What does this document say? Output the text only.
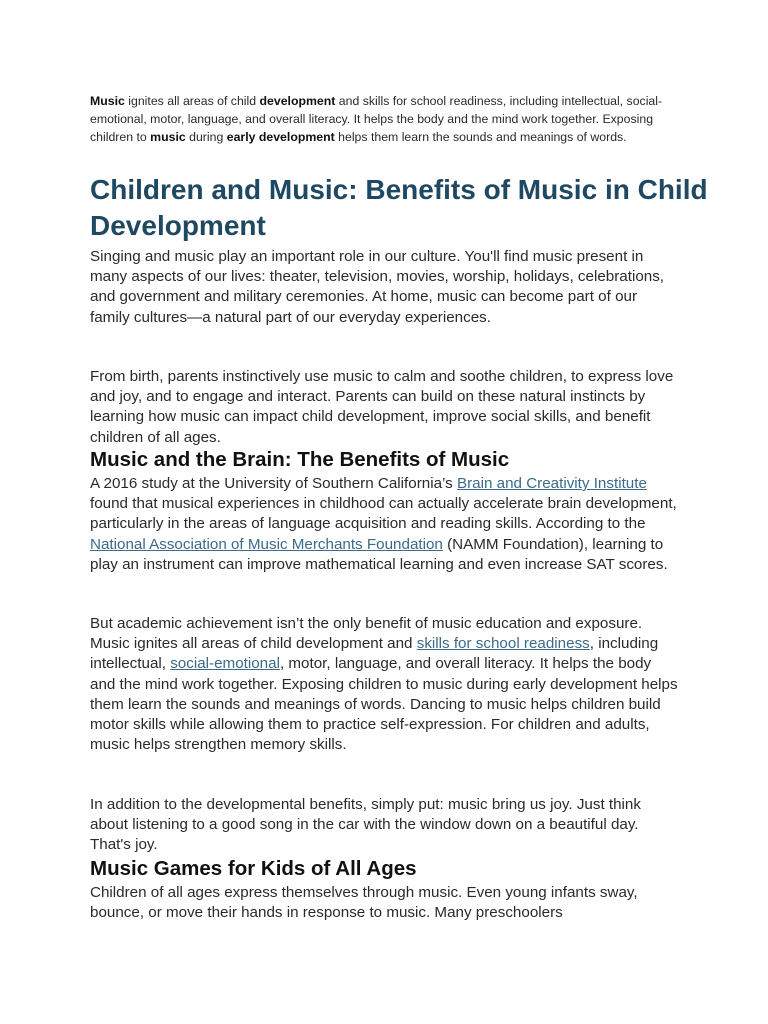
Music ignites all areas of child development and skills for school readiness, including intellectual, social-emotional, motor, language, and overall literacy. It helps the body and the mind work together. Exposing children to music during early development helps them learn the sounds and meanings of words.

Children and Music: Benefits of Music in Child Development

Singing and music play an important role in our culture. You'll find music present in many aspects of our lives: theater, television, movies, worship, holidays, celebrations, and government and military ceremonies. At home, music can become part of our family cultures—a natural part of our everyday experiences.

From birth, parents instinctively use music to calm and soothe children, to express love and joy, and to engage and interact. Parents can build on these natural instincts by learning how music can impact child development, improve social skills, and benefit children of all ages.

Music and the Brain: The Benefits of Music

A 2016 study at the University of Southern California’s Brain and Creativity Institute found that musical experiences in childhood can actually accelerate brain development, particularly in the areas of language acquisition and reading skills. According to the National Association of Music Merchants Foundation (NAMM Foundation), learning to play an instrument can improve mathematical learning and even increase SAT scores.

But academic achievement isn’t the only benefit of music education and exposure. Music ignites all areas of child development and skills for school readiness, including intellectual, social-emotional, motor, language, and overall literacy. It helps the body and the mind work together. Exposing children to music during early development helps them learn the sounds and meanings of words. Dancing to music helps children build motor skills while allowing them to practice self-expression. For children and adults, music helps strengthen memory skills.

In addition to the developmental benefits, simply put: music bring us joy. Just think about listening to a good song in the car with the window down on a beautiful day. That's joy.

Music Games for Kids of All Ages

Children of all ages express themselves through music. Even young infants sway, bounce, or move their hands in response to music. Many preschoolers
